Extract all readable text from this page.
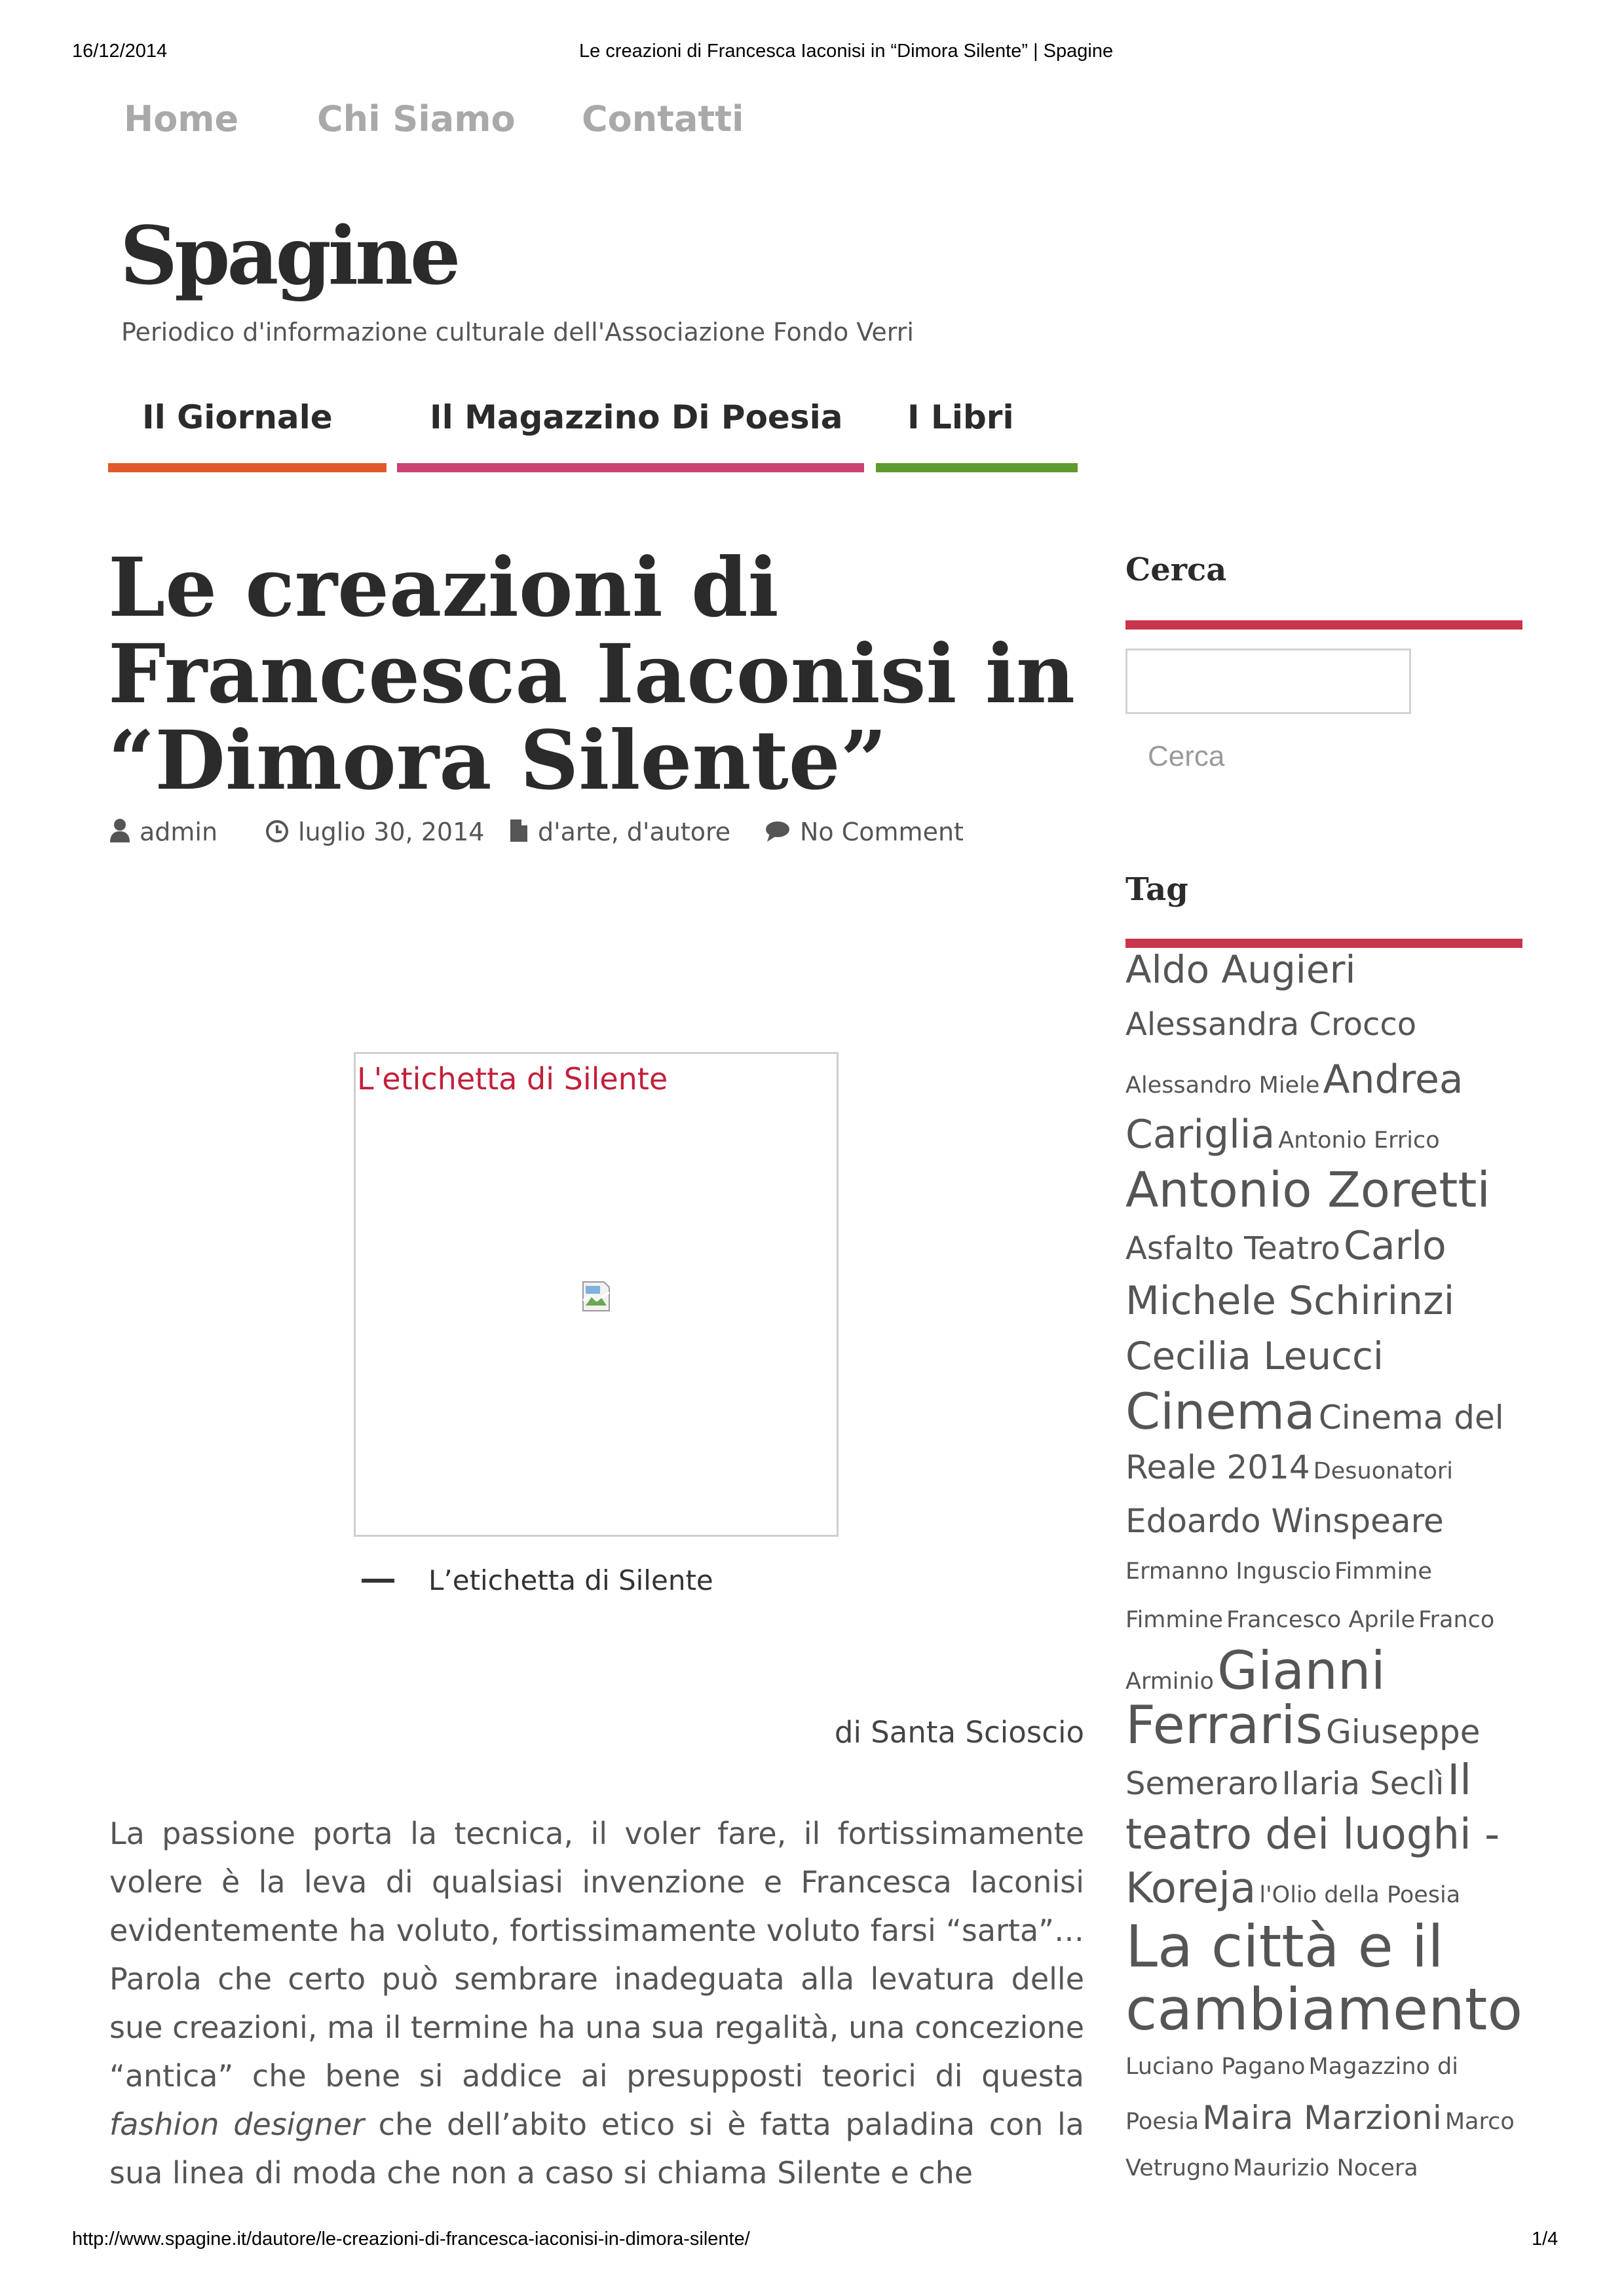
16/12/2014	Le creazioni di Francesca Iaconisi in “Dimora Silente” | Spagine
http://www.spagine.it/dautore/le-creazioni-di-francesca-iaconisi-in-dimora-silente/	1/4
Home Chi Siamo Contatti
Spagine
Periodico d'informazione culturale dell'Associazione Fondo Verri
Il Giornale	Il Magazzino Di Poesia I Libri
Le creazioni di Francesca Iaconisi in “Dimora Silente”
admin	luglio 30, 2014	d'arte, d'autore	No Comment
L'etichetta di Silente
L’etichetta di Silente
di Santa Scioscio

La passione porta la tecnica, il voler fare, il fortissimamente volere è la leva di qualsiasi invenzione e Francesca Iaconisi evidentemente ha voluto, fortissimamente voluto farsi “sarta”… Parola che certo può sembrare inadeguata alla levatura delle sue creazioni, ma il termine ha una sua regalità, una concezione “antica” che bene si addice ai presupposti teorici di questa fashion designer che dell’abito etico si è fatta paladina con la sua linea di moda che non a caso si chiama Silente e che

Cerca
Cerca
Tag
Aldo Augieri
Alessandra Crocco
Alessandro Miele Andrea
Cariglia Antonio Errico
Antonio Zoretti
Asfalto Teatro Carlo
Michele Schirinzi
Cecilia Leucci
Cinema Cinema del
Reale 2014 Desuonatori
Edoardo Winspeare
Ermanno Inguscio Fimmine
Fimmine Francesco Aprile Franco
Arminio Gianni
Ferraris Giuseppe
Semeraro Ilaria Seclì Il
teatro dei luoghi -
Koreja l'Olio della Poesia
La città e il
cambiamento
Luciano Pagano Magazzino di
Poesia Maira Marzioni Marco
Vetrugno Maurizio Nocera
